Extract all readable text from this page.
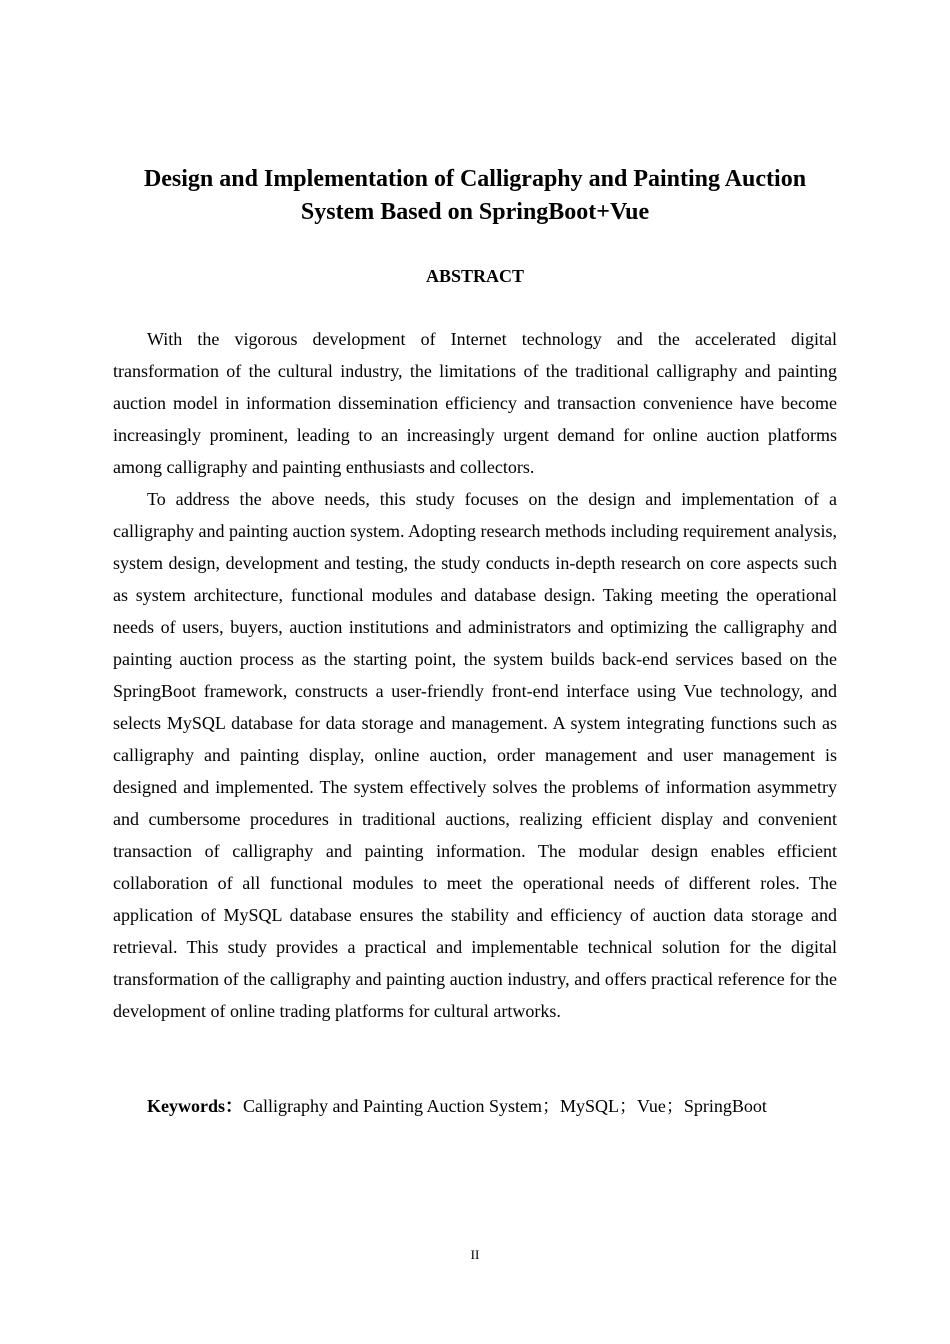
Design and Implementation of Calligraphy and Painting Auction
System Based on SpringBoot+Vue
ABSTRACT

With the vigorous development of Internet technology and the accelerated digital transformation of the cultural industry, the limitations of the traditional calligraphy and painting auction model in information dissemination efficiency and transaction convenience have become increasingly prominent, leading to an increasingly urgent demand for online auction platforms among calligraphy and painting enthusiasts and collectors.

To address the above needs, this study focuses on the design and implementation of a calligraphy and painting auction system. Adopting research methods including requirement analysis, system design, development and testing, the study conducts in-depth research on core aspects such as system architecture, functional modules and database design. Taking meeting the operational needs of users, buyers, auction institutions and administrators and optimizing the calligraphy and painting auction process as the starting point, the system builds back-end services based on the SpringBoot framework, constructs a user-friendly front-end interface using Vue technology, and selects MySQL database for data storage and management. A system integrating functions such as calligraphy and painting display, online auction, order management and user management is designed and implemented. The system effectively solves the problems of information asymmetry and cumbersome procedures in traditional auctions, realizing efficient display and convenient transaction of calligraphy and painting information. The modular design enables efficient collaboration of all functional modules to meet the operational needs of different roles. The application of MySQL database ensures the stability and efficiency of auction data storage and retrieval. This study provides a practical and implementable technical solution for the digital transformation of the calligraphy and painting auction industry, and offers practical reference for the development of online trading platforms for cultural artworks.

Keywords：Calligraphy and Painting Auction System；MySQL；Vue；SpringBoot

II
